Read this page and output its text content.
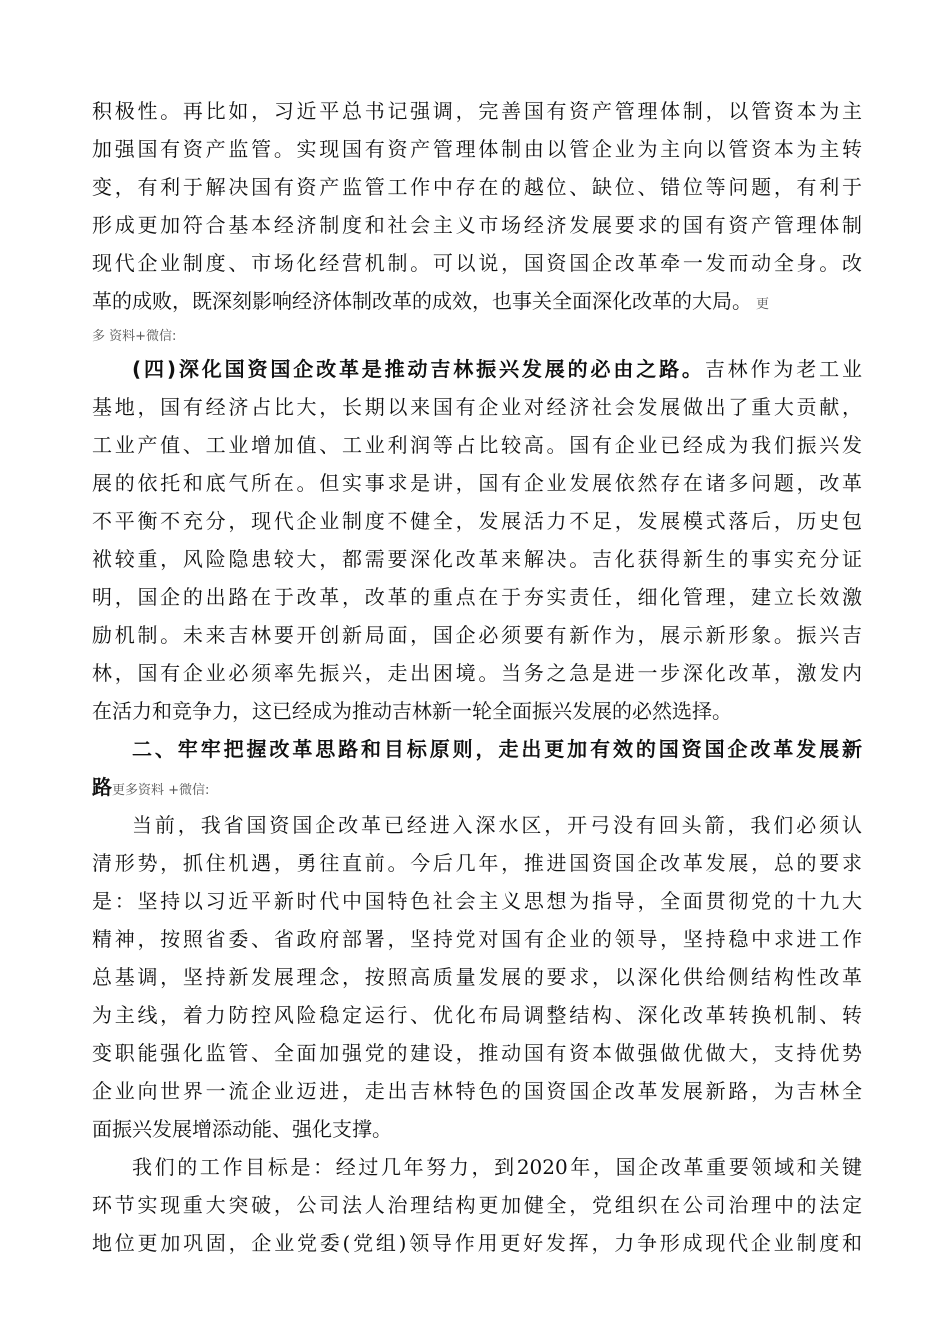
积极性。再比如，习近平总书记强调，完善国有资产管理体制，以管资本为主
加强国有资产监管。实现国有资产管理体制由以管企业为主向以管资本为主转
变，有利于解决国有资产监管工作中存在的越位、缺位、错位等问题，有利于
形成更加符合基本经济制度和社会主义市场经济发展要求的国有资产管理体制
现代企业制度、市场化经营机制。可以说，国资国企改革牵一发而动全身。改
革的成败，既深刻影响经济体制改革的成效，也事关全面深化改革的大局。 更
多 资料+微信:
(四)深化国资国企改革是推动吉林振兴发展的必由之路。吉林作为老工业
基地，国有经济占比大，长期以来国有企业对经济社会发展做出了重大贡献，
工业产值、工业增加值、工业利润等占比较高。国有企业已经成为我们振兴发
展的依托和底气所在。但实事求是讲，国有企业发展依然存在诸多问题，改革
不平衡不充分，现代企业制度不健全，发展活力不足，发展模式落后，历史包
袱较重，风险隐患较大，都需要深化改革来解决。吉化获得新生的事实充分证
明，国企的出路在于改革，改革的重点在于夯实责任，细化管理，建立长效激
励机制。未来吉林要开创新局面，国企必须要有新作为，展示新形象。振兴吉
林，国有企业必须率先振兴，走出困境。当务之急是进一步深化改革，激发内
在活力和竞争力，这已经成为推动吉林新一轮全面振兴发展的必然选择。
二、牢牢把握改革思路和目标原则，走出更加有效的国资国企改革发展新
路更多资料 +微信:
当前，我省国资国企改革已经进入深水区，开弓没有回头箭，我们必须认
清形势，抓住机遇，勇往直前。今后几年，推进国资国企改革发展，总的要求
是：坚持以习近平新时代中国特色社会主义思想为指导，全面贯彻党的十九大
精神，按照省委、省政府部署，坚持党对国有企业的领导，坚持稳中求进工作
总基调，坚持新发展理念，按照高质量发展的要求，以深化供给侧结构性改革
为主线，着力防控风险稳定运行、优化布局调整结构、深化改革转换机制、转
变职能强化监管、全面加强党的建设，推动国有资本做强做优做大，支持优势
企业向世界一流企业迈进，走出吉林特色的国资国企改革发展新路，为吉林全
面振兴发展增添动能、强化支撑。
我们的工作目标是：经过几年努力，到2020年，国企改革重要领域和关键
环节实现重大突破，公司法人治理结构更加健全，党组织在公司治理中的法定
地位更加巩固，企业党委(党组)领导作用更好发挥，力争形成现代企业制度和
